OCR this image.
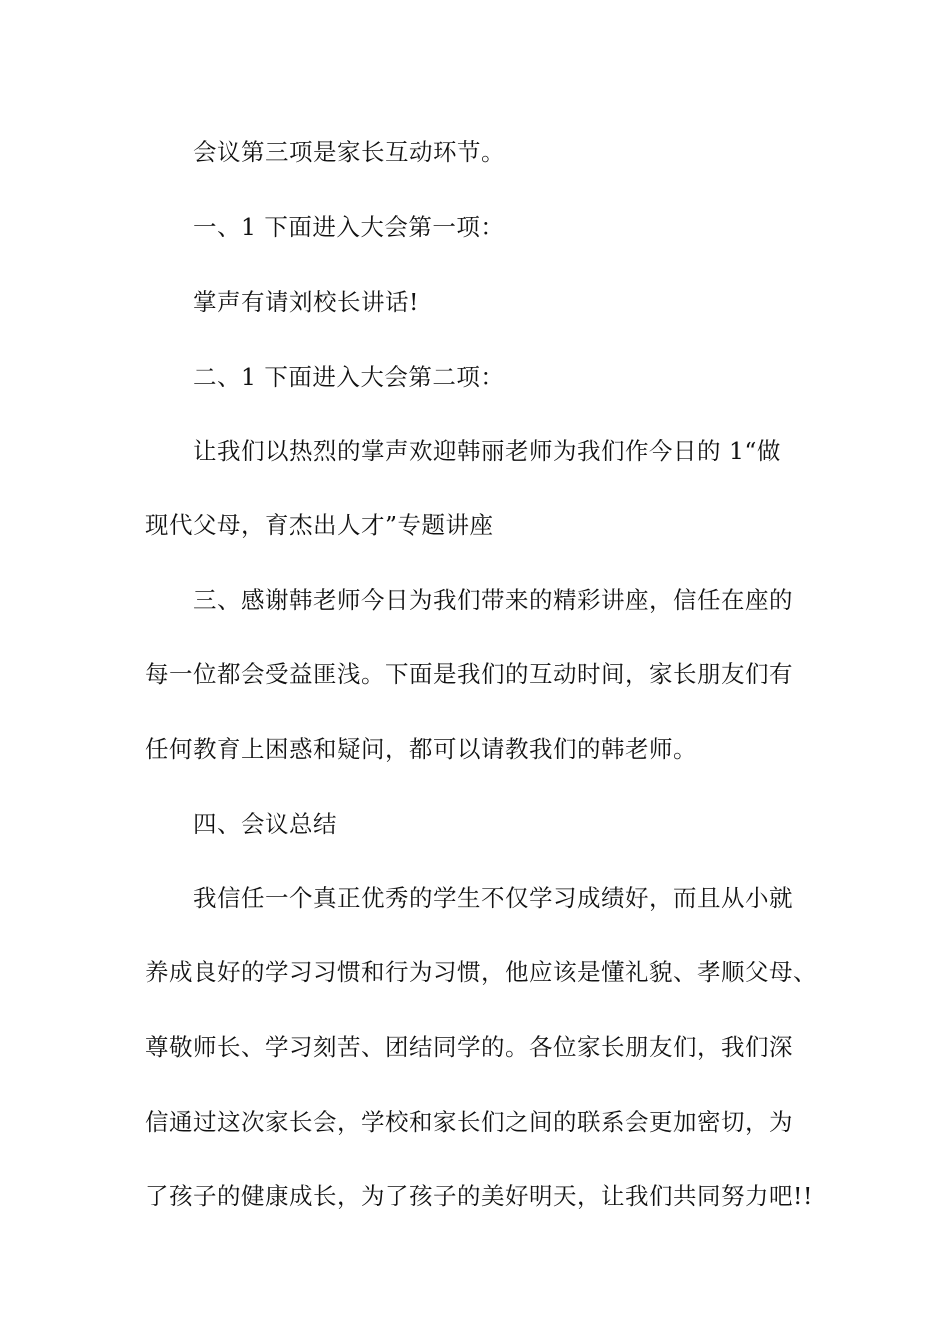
会议第三项是家长互动环节。
一、1 下面进入大会第一项：
掌声有请刘校长讲话!
二、1 下面进入大会第二项：
让我们以热烈的掌声欢迎韩丽老师为我们作今日的 1“做
现代父母，育杰出人才”专题讲座
三、感谢韩老师今日为我们带来的精彩讲座，信任在座的
每一位都会受益匪浅。下面是我们的互动时间，家长朋友们有
任何教育上困惑和疑问，都可以请教我们的韩老师。
四、会议总结
我信任一个真正优秀的学生不仅学习成绩好，而且从小就
养成良好的学习习惯和行为习惯，他应该是懂礼貌、孝顺父母、
尊敬师长、学习刻苦、团结同学的。各位家长朋友们，我们深
信通过这次家长会，学校和家长们之间的联系会更加密切，为
了孩子的健康成长，为了孩子的美好明天，让我们共同努力吧!!
